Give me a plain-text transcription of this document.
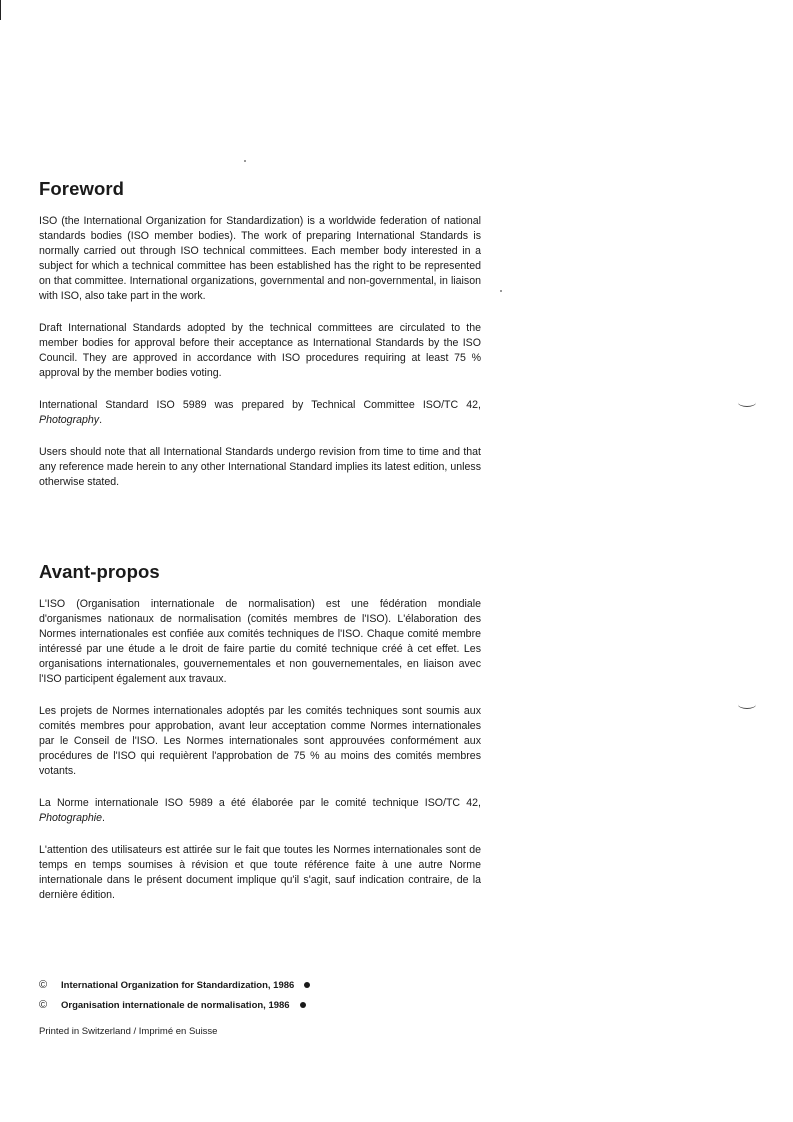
Foreword

ISO (the International Organization for Standardization) is a worldwide federation of national standards bodies (ISO member bodies). The work of preparing International Standards is normally carried out through ISO technical committees. Each member body interested in a subject for which a technical committee has been established has the right to be represented on that committee. International organizations, governmental and non-governmental, in liaison with ISO, also take part in the work.

Draft International Standards adopted by the technical committees are circulated to the member bodies for approval before their acceptance as International Standards by the ISO Council. They are approved in accordance with ISO procedures requiring at least 75 % approval by the member bodies voting.

International Standard ISO 5989 was prepared by Technical Committee ISO/TC 42, Photography.

Users should note that all International Standards undergo revision from time to time and that any reference made herein to any other International Standard implies its latest edition, unless otherwise stated.

Avant-propos

L'ISO (Organisation internationale de normalisation) est une fédération mondiale d'organismes nationaux de normalisation (comités membres de l'ISO). L'élaboration des Normes internationales est confiée aux comités techniques de l'ISO. Chaque comité membre intéressé par une étude a le droit de faire partie du comité technique créé à cet effet. Les organisations internationales, gouvernementales et non gouvernementales, en liaison avec l'ISO participent également aux travaux.

Les projets de Normes internationales adoptés par les comités techniques sont soumis aux comités membres pour approbation, avant leur acceptation comme Normes internationales par le Conseil de l'ISO. Les Normes internationales sont approuvées conformément aux procédures de l'ISO qui requièrent l'approbation de 75 % au moins des comités membres votants.

La Norme internationale ISO 5989 a été élaborée par le comité technique ISO/TC 42, Photographie.

L'attention des utilisateurs est attirée sur le fait que toutes les Normes internationales sont de temps en temps soumises à révision et que toute référence faite à une autre Norme internationale dans le présent document implique qu'il s'agit, sauf indication contraire, de la dernière édition.

©	International Organization for Standardization, 1986
©	Organisation internationale de normalisation, 1986
Printed in Switzerland / Imprimé en Suisse
